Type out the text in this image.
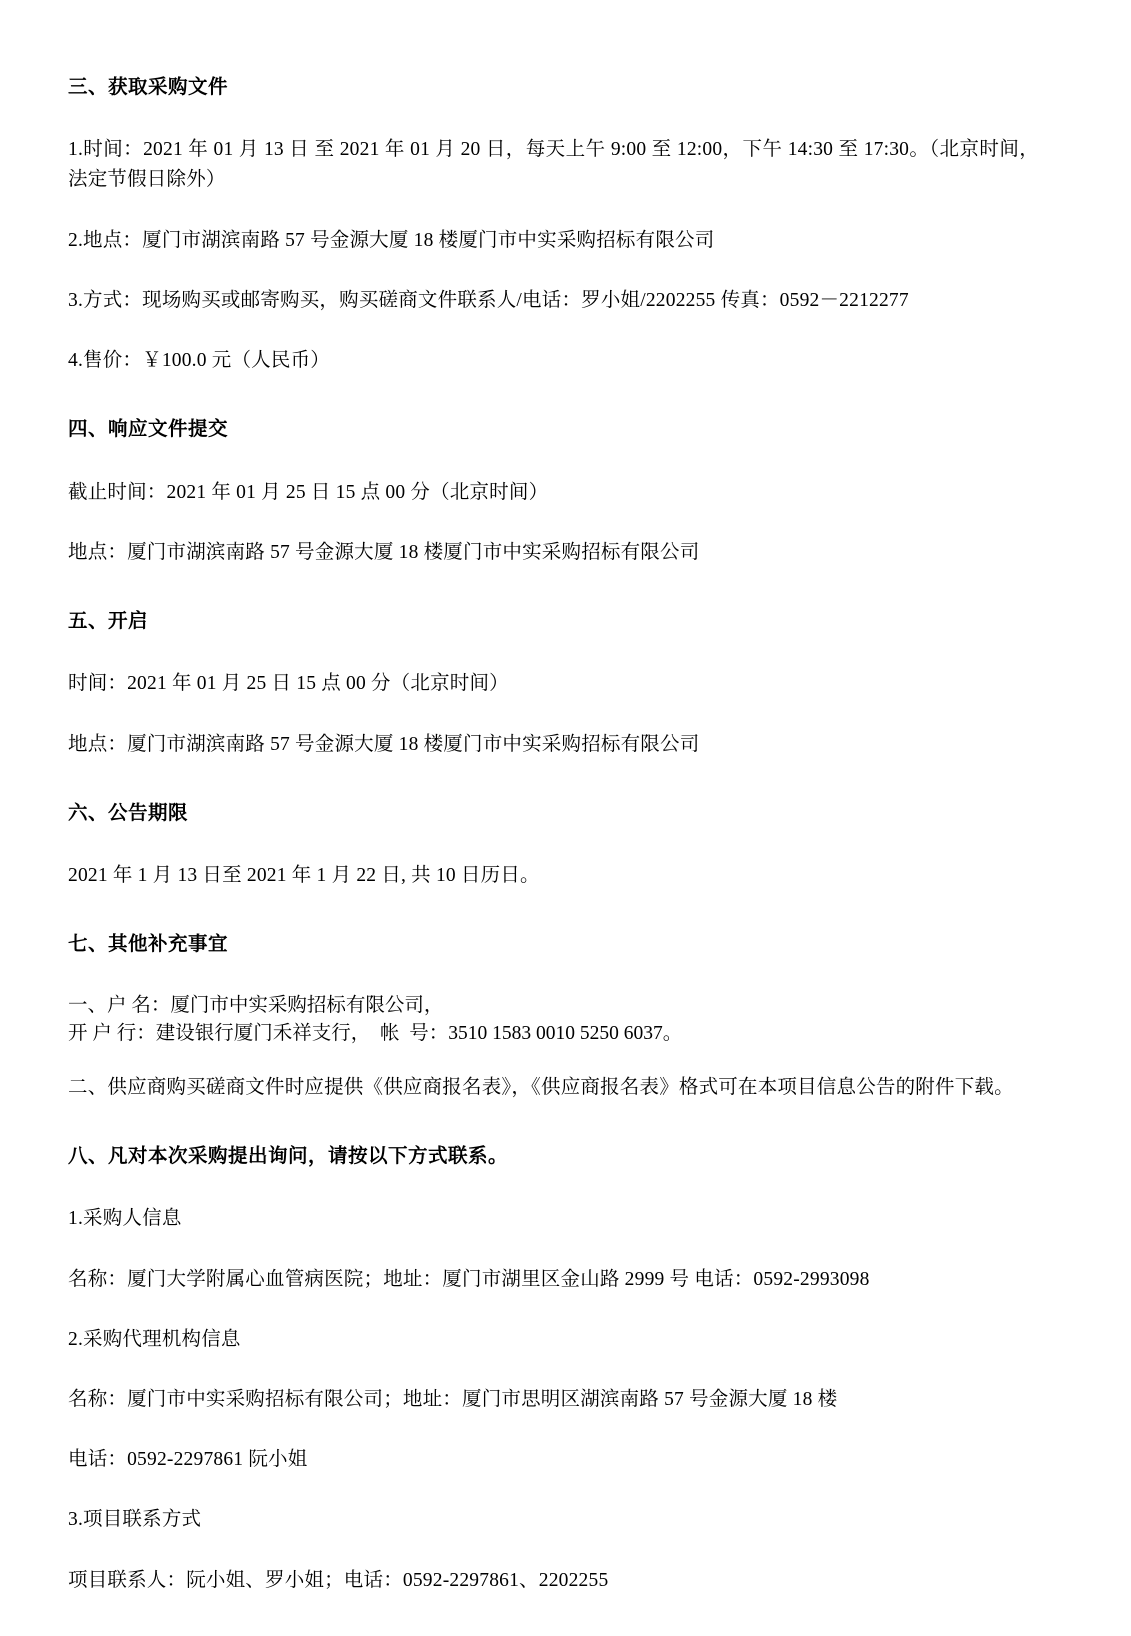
三、获取采购文件
1.时间：2021 年 01 月 13 日 至 2021 年 01 月 20 日，每天上午 9:00 至 12:00，下午 14:30 至 17:30。（北京时间，法定节假日除外）
2.地点：厦门市湖滨南路 57 号金源大厦 18 楼厦门市中实采购招标有限公司
3.方式：现场购买或邮寄购买，购买磋商文件联系人/电话：罗小姐/2202255 传真：0592－2212277
4.售价：￥100.0 元（人民币）
四、响应文件提交
截止时间：2021 年 01 月 25 日 15 点 00 分（北京时间）
地点：厦门市湖滨南路 57 号金源大厦 18 楼厦门市中实采购招标有限公司
五、开启
时间：2021 年 01 月 25 日 15 点 00 分（北京时间）
地点：厦门市湖滨南路 57 号金源大厦 18 楼厦门市中实采购招标有限公司
六、公告期限
2021 年 1 月 13 日至 2021 年 1 月 22 日, 共 10 日历日。
七、其他补充事宜
一、户 名：厦门市中实采购招标有限公司，
开 户 行：建设银行厦门禾祥支行，  帐  号：3510 1583 0010 5250 6037。
二、供应商购买磋商文件时应提供《供应商报名表》，《供应商报名表》格式可在本项目信息公告的附件下载。
八、凡对本次采购提出询问，请按以下方式联系。
1.采购人信息
名称：厦门大学附属心血管病医院；地址：厦门市湖里区金山路 2999 号 电话：0592-2993098
2.采购代理机构信息
名称：厦门市中实采购招标有限公司；地址：厦门市思明区湖滨南路 57 号金源大厦 18 楼
电话：0592-2297861 阮小姐
3.项目联系方式
项目联系人：阮小姐、罗小姐；电话：0592-2297861、2202255
